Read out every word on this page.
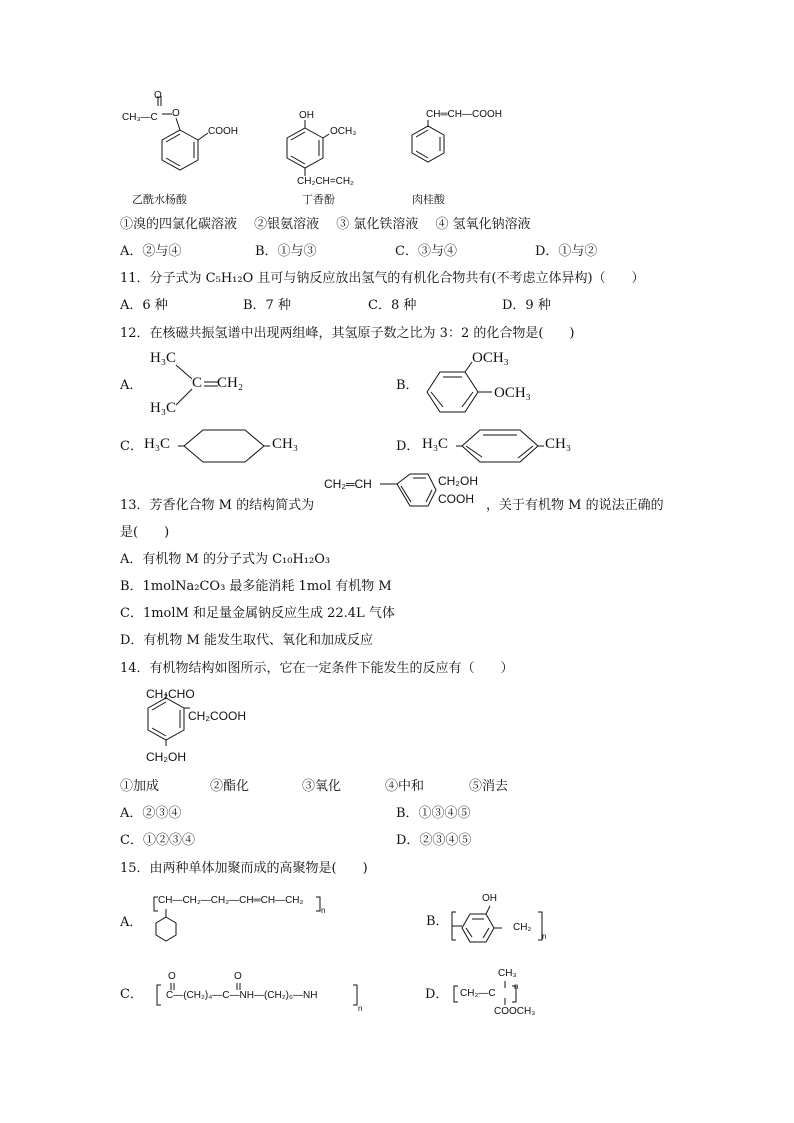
CH₃—C
O
O
COOH
乙酰水杨酸
OH
OCH₃
CH₂CH=CH₂
丁香酚
CH═CH—COOH
肉桂酸
①溴的四氯化碳溶液　 ②银氨溶液　 ③ 氯化铁溶液　 ④ 氢氧化钠溶液
A．②与④	B．①与③	C．③与④	D．①与②
11．分子式为 C₅H₁₂O 且可与钠反应放出氢气的有机化合物共有(不考虑立体异构)（　　）
A．6 种	B．7 种	C．8 种	D．9 种
12．在核磁共振氢谱中出现两组峰，其氢原子数之比为 3：2 的化合物是(　　)
A．
H₃C
H₃C
C CH₂	B．
OCH₃
OCH₃
C． H₃C	CH₃	D． H₃C	CH₃
CH₂═CH	CH₂OH
COOH
13．芳香化合物 M 的结构简式为	，关于有机物 M 的说法正确的
是(　　)
A．有机物 M 的分子式为 C₁₀H₁₂O₃
B．1molNa₂CO₃ 最多能消耗 1mol 有机物 M
C．1molM 和足量金属钠反应生成 22.4L 气体
D．有机物 M 能发生取代、氧化和加成反应
14．有机物结构如图所示，它在一定条件下能发生的反应有（　　）
CH₂CHO
CH₂COOH
CH₂OH
①加成	②酯化	③氧化	④中和	⑤消去
A．②③④	B．①③④⑤
C．①②③④	D．②③④⑤
15．由两种单体加聚而成的高聚物是(　　)
A．
CH—CH₂—CH₂—CH═CH—CH₂
n
B．
OH
CH₂
n
C．
O	O
C—(CH₂)₄—C—NH—(CH₂)₆—NH
n
D．
CH₃
CH₂—C
n
COOCH₃
